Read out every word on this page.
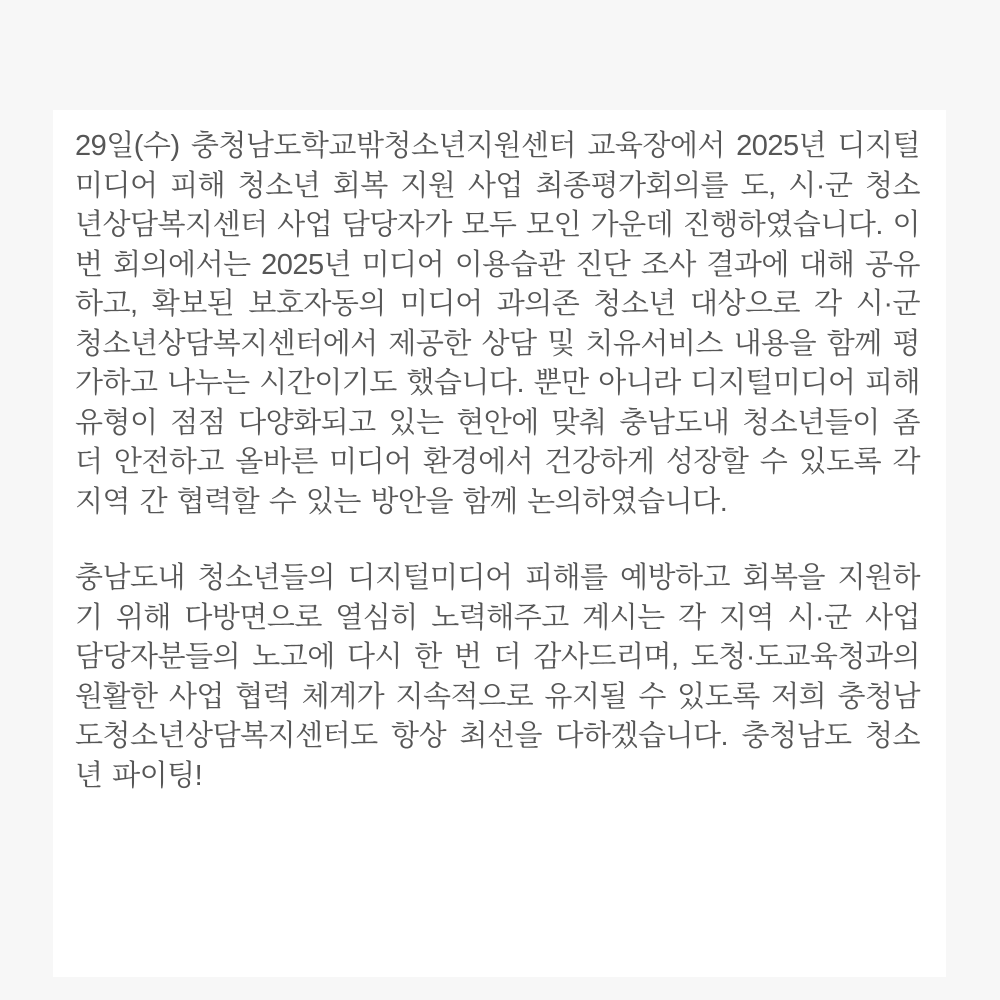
29일(수) 충청남도학교밖청소년지원센터 교육장에서 2025년 디지털미디어 피해 청소년 회복 지원 사업 최종평가회의를 도, 시·군 청소년상담복지센터 사업 담당자가 모두 모인 가운데 진행하였습니다. 이번 회의에서는 2025년 미디어 이용습관 진단 조사 결과에 대해 공유하고, 확보된 보호자동의 미디어 과의존 청소년 대상으로 각 시·군 청소년상담복지센터에서 제공한 상담 및 치유서비스 내용을 함께 평가하고 나누는 시간이기도 했습니다. 뿐만 아니라 디지털미디어 피해 유형이 점점 다양화되고 있는 현안에 맞춰 충남도내 청소년들이 좀 더 안전하고 올바른 미디어 환경에서 건강하게 성장할 수 있도록 각 지역 간 협력할 수 있는 방안을 함께 논의하였습니다.

충남도내 청소년들의 디지털미디어 피해를 예방하고 회복을 지원하기 위해 다방면으로 열심히 노력해주고 계시는 각 지역 시·군 사업 담당자분들의 노고에 다시 한 번 더 감사드리며, 도청·도교육청과의 원활한 사업 협력 체계가 지속적으로 유지될 수 있도록 저희 충청남도청소년상담복지센터도 항상 최선을 다하겠습니다. 충청남도 청소년 파이팅!
